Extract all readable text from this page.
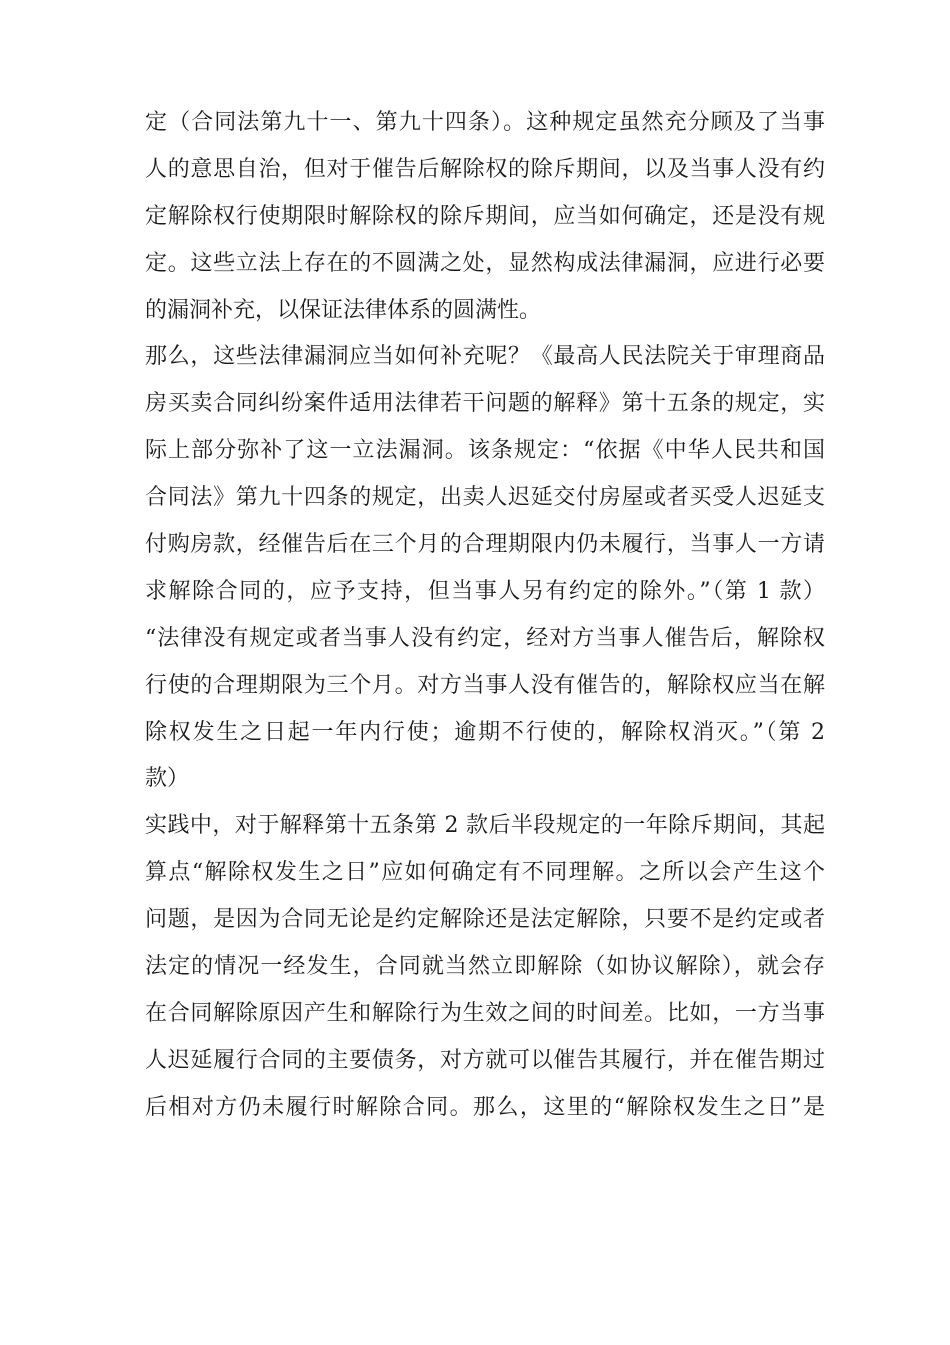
定（合同法第九十一、第九十四条）。这种规定虽然充分顾及了当事
人的意思自治，但对于催告后解除权的除斥期间，以及当事人没有约
定解除权行使期限时解除权的除斥期间，应当如何确定，还是没有规
定。这些立法上存在的不圆满之处，显然构成法律漏洞，应进行必要
的漏洞补充，以保证法律体系的圆满性。
那么，这些法律漏洞应当如何补充呢？《最高人民法院关于审理商品
房买卖合同纠纷案件适用法律若干问题的解释》第十五条的规定，实
际上部分弥补了这一立法漏洞。该条规定：“依据《中华人民共和国
合同法》第九十四条的规定，出卖人迟延交付房屋或者买受人迟延支
付购房款，经催告后在三个月的合理期限内仍未履行，当事人一方请
求解除合同的，应予支持，但当事人另有约定的除外。”（第 1 款）
“法律没有规定或者当事人没有约定，经对方当事人催告后，解除权
行使的合理期限为三个月。对方当事人没有催告的，解除权应当在解
除权发生之日起一年内行使；逾期不行使的，解除权消灭。”（第 2
款）
实践中，对于解释第十五条第 2 款后半段规定的一年除斥期间，其起
算点“解除权发生之日”应如何确定有不同理解。之所以会产生这个
问题，是因为合同无论是约定解除还是法定解除，只要不是约定或者
法定的情况一经发生，合同就当然立即解除（如协议解除），就会存
在合同解除原因产生和解除行为生效之间的时间差。比如，一方当事
人迟延履行合同的主要债务，对方就可以催告其履行，并在催告期过
后相对方仍未履行时解除合同。那么，这里的“解除权发生之日”是
